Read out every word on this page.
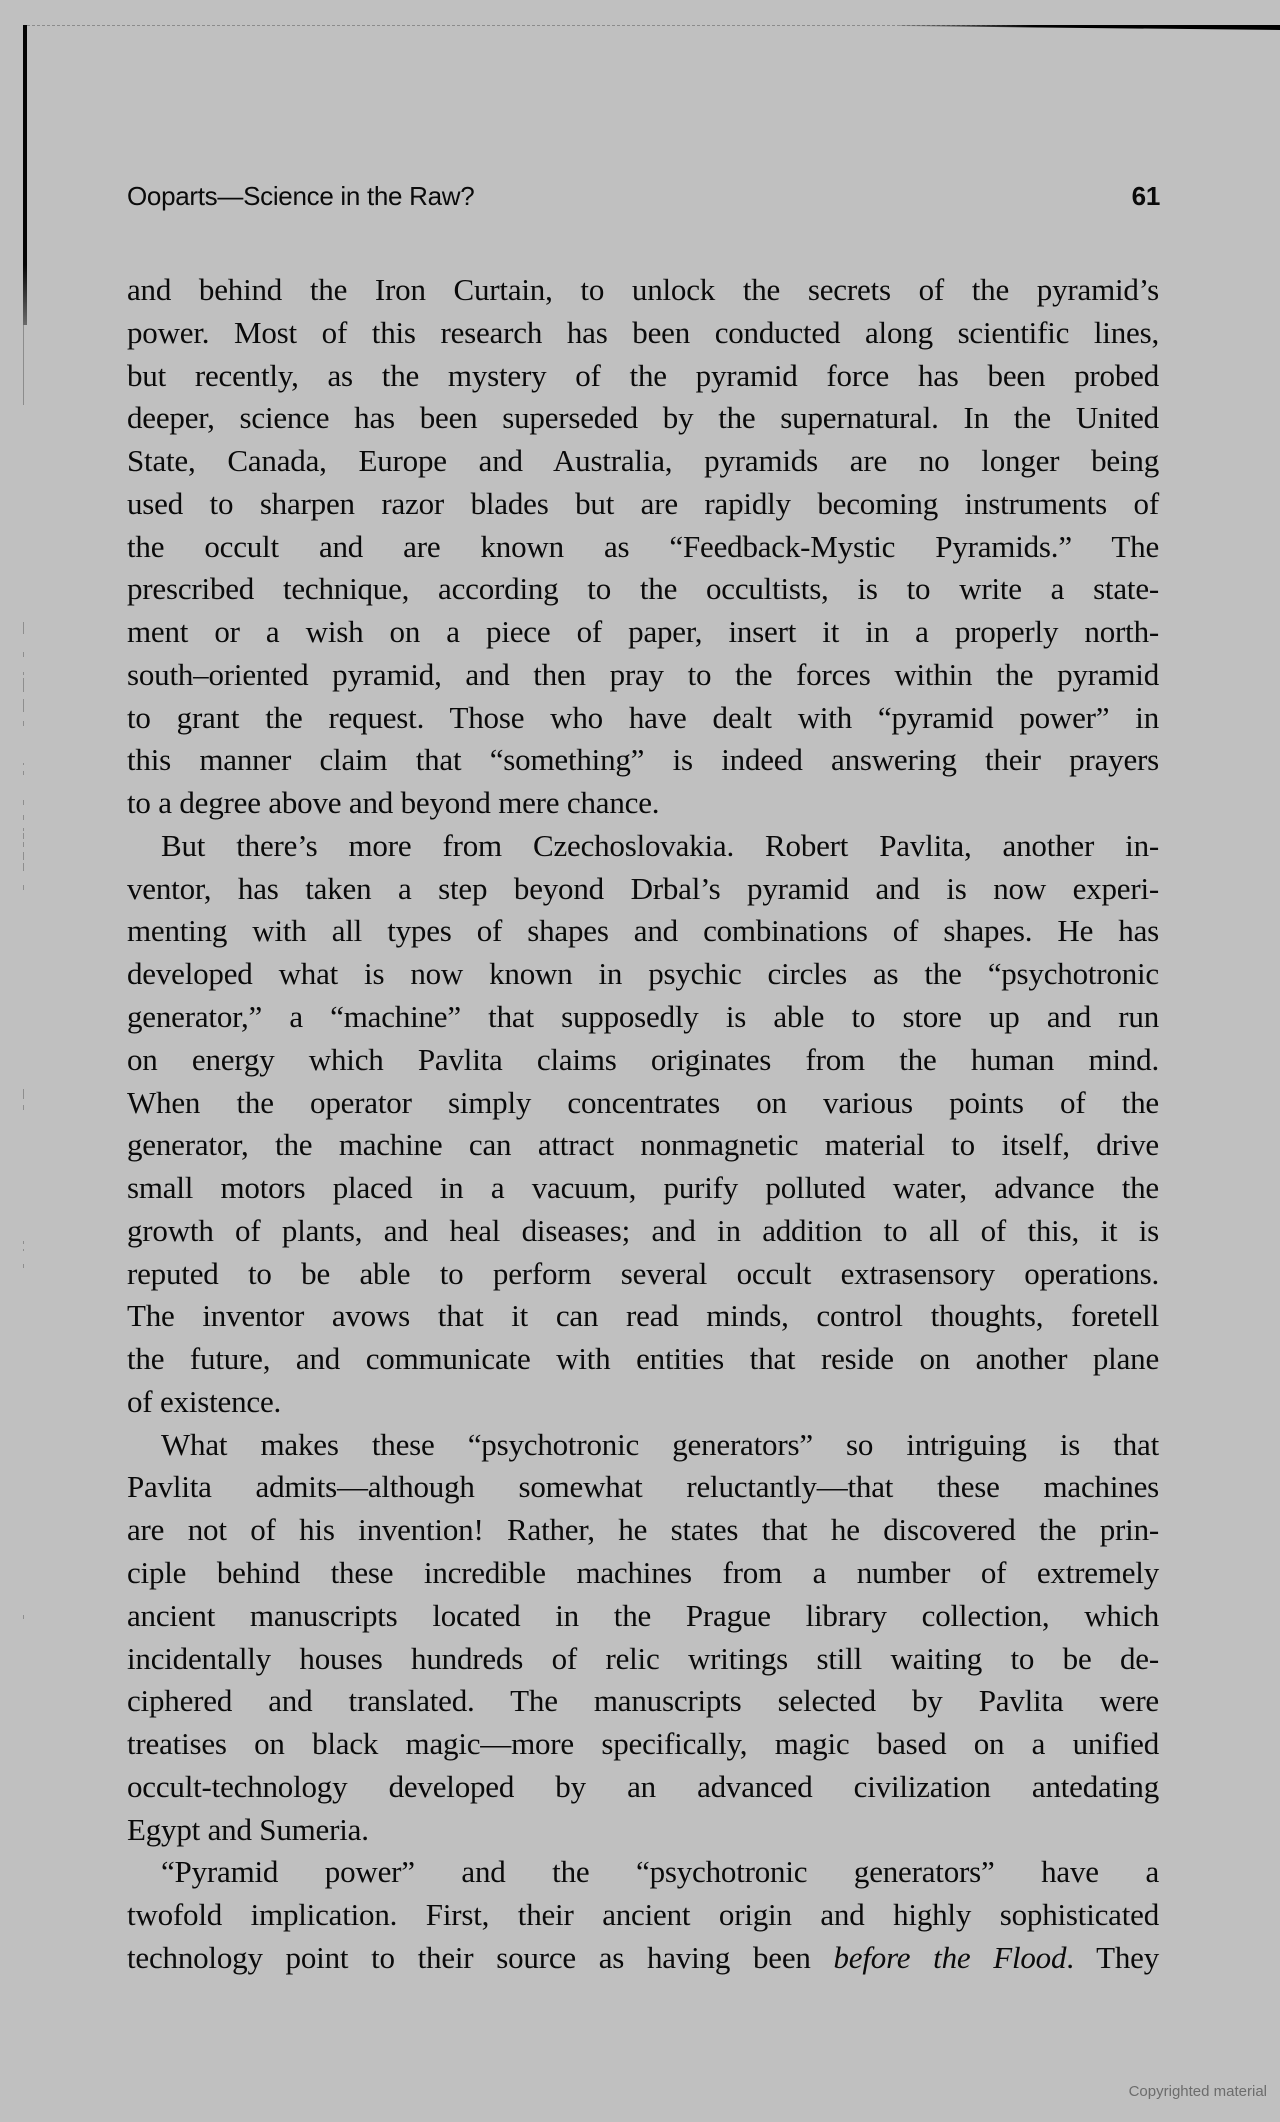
Ooparts—Science in the Raw?	61
and behind the Iron Curtain, to unlock the secrets of the pyramid’s
power. Most of this research has been conducted along scientific lines,
but recently, as the mystery of the pyramid force has been probed
deeper, science has been superseded by the supernatural. In the United
State, Canada, Europe and Australia, pyramids are no longer being
used to sharpen razor blades but are rapidly becoming instruments of
the occult and are known as “Feedback-Mystic Pyramids.” The
prescribed technique, according to the occultists, is to write a state-
ment or a wish on a piece of paper, insert it in a properly north-
south–oriented pyramid, and then pray to the forces within the pyramid
to grant the request. Those who have dealt with “pyramid power” in
this manner claim that “something” is indeed answering their prayers
to a degree above and beyond mere chance.
But there’s more from Czechoslovakia. Robert Pavlita, another in-
ventor, has taken a step beyond Drbal’s pyramid and is now experi-
menting with all types of shapes and combinations of shapes. He has
developed what is now known in psychic circles as the “psychotronic
generator,” a “machine” that supposedly is able to store up and run
on energy which Pavlita claims originates from the human mind.
When the operator simply concentrates on various points of the
generator, the machine can attract nonmagnetic material to itself, drive
small motors placed in a vacuum, purify polluted water, advance the
growth of plants, and heal diseases; and in addition to all of this, it is
reputed to be able to perform several occult extrasensory operations.
The inventor avows that it can read minds, control thoughts, foretell
the future, and communicate with entities that reside on another plane
of existence.
What makes these “psychotronic generators” so intriguing is that
Pavlita admits—although somewhat reluctantly—that these machines
are not of his invention! Rather, he states that he discovered the prin-
ciple behind these incredible machines from a number of extremely
ancient manuscripts located in the Prague library collection, which
incidentally houses hundreds of relic writings still waiting to be de-
ciphered and translated. The manuscripts selected by Pavlita were
treatises on black magic—more specifically, magic based on a unified
occult-technology developed by an advanced civilization antedating
Egypt and Sumeria.
“Pyramid power” and the “psychotronic generators” have a
twofold implication. First, their ancient origin and highly sophisticated
technology point to their source as having been before the Flood. They
Copyrighted material
